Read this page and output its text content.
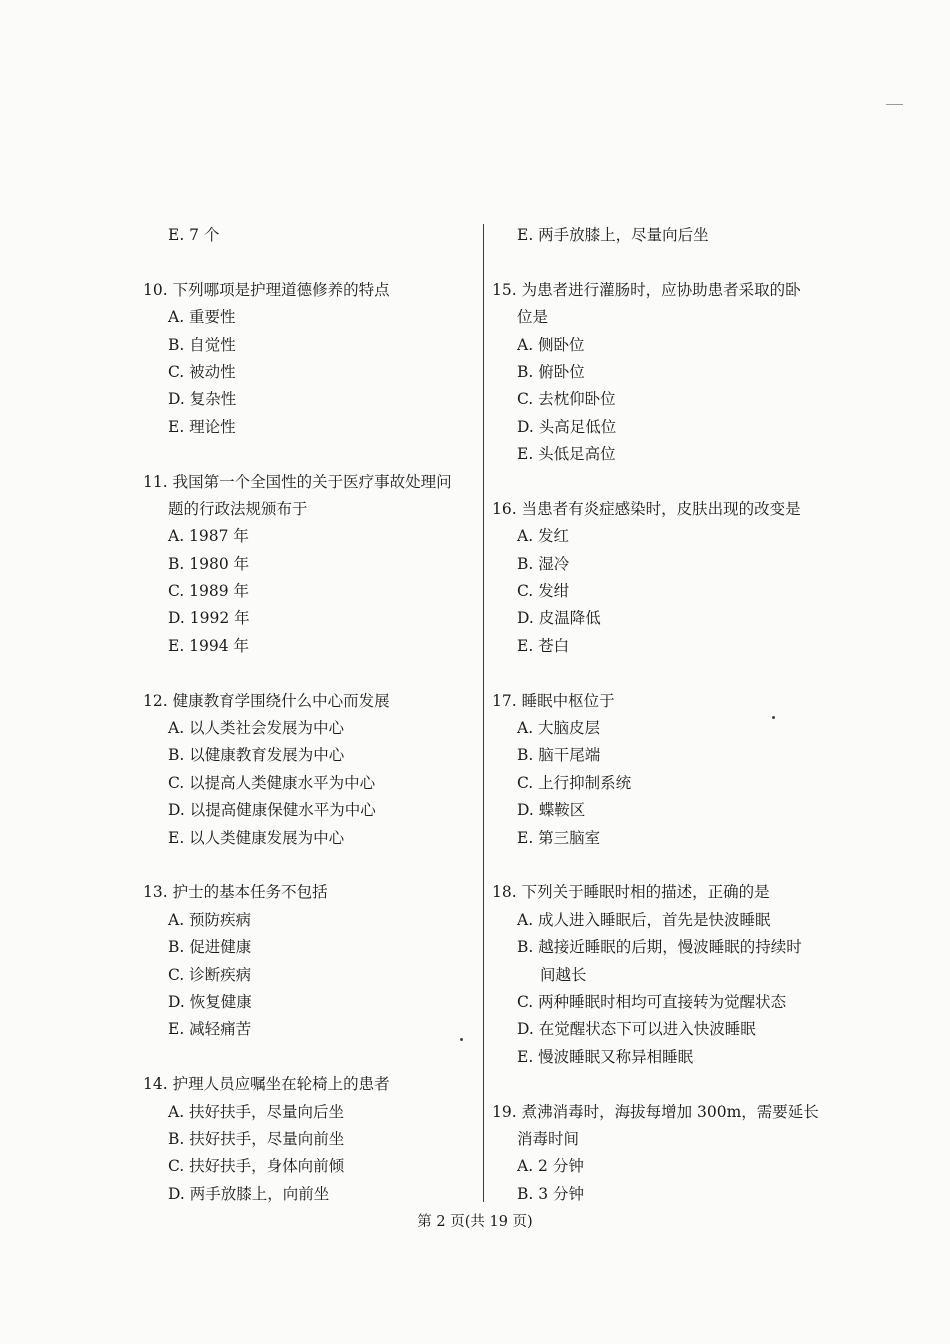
E. 7 个
10. 下列哪项是护理道德修养的特点
A. 重要性
B. 自觉性
C. 被动性
D. 复杂性
E. 理论性
11. 我国第一个全国性的关于医疗事故处理问
题的行政法规颁布于
A. 1987 年
B. 1980 年
C. 1989 年
D. 1992 年
E. 1994 年
12. 健康教育学围绕什么中心而发展
A. 以人类社会发展为中心
B. 以健康教育发展为中心
C. 以提高人类健康水平为中心
D. 以提高健康保健水平为中心
E. 以人类健康发展为中心
13. 护士的基本任务不包括
A. 预防疾病
B. 促进健康
C. 诊断疾病
D. 恢复健康
E. 减轻痛苦
14. 护理人员应嘱坐在轮椅上的患者
A. 扶好扶手，尽量向后坐
B. 扶好扶手，尽量向前坐
C. 扶好扶手，身体向前倾
D. 两手放膝上，向前坐
E. 两手放膝上，尽量向后坐
15. 为患者进行灌肠时，应协助患者采取的卧
位是
A. 侧卧位
B. 俯卧位
C. 去枕仰卧位
D. 头高足低位
E. 头低足高位
16. 当患者有炎症感染时，皮肤出现的改变是
A. 发红
B. 湿冷
C. 发绀
D. 皮温降低
E. 苍白
17. 睡眠中枢位于
A. 大脑皮层
B. 脑干尾端
C. 上行抑制系统
D. 蝶鞍区
E. 第三脑室
18. 下列关于睡眠时相的描述，正确的是
A. 成人进入睡眠后，首先是快波睡眠
B. 越接近睡眠的后期，慢波睡眠的持续时
间越长
C. 两种睡眠时相均可直接转为觉醒状态
D. 在觉醒状态下可以进入快波睡眠
E. 慢波睡眠又称异相睡眠
19. 煮沸消毒时，海拔每增加 300m，需要延长
消毒时间
A. 2 分钟
B. 3 分钟
第 2 页(共 19 页)
